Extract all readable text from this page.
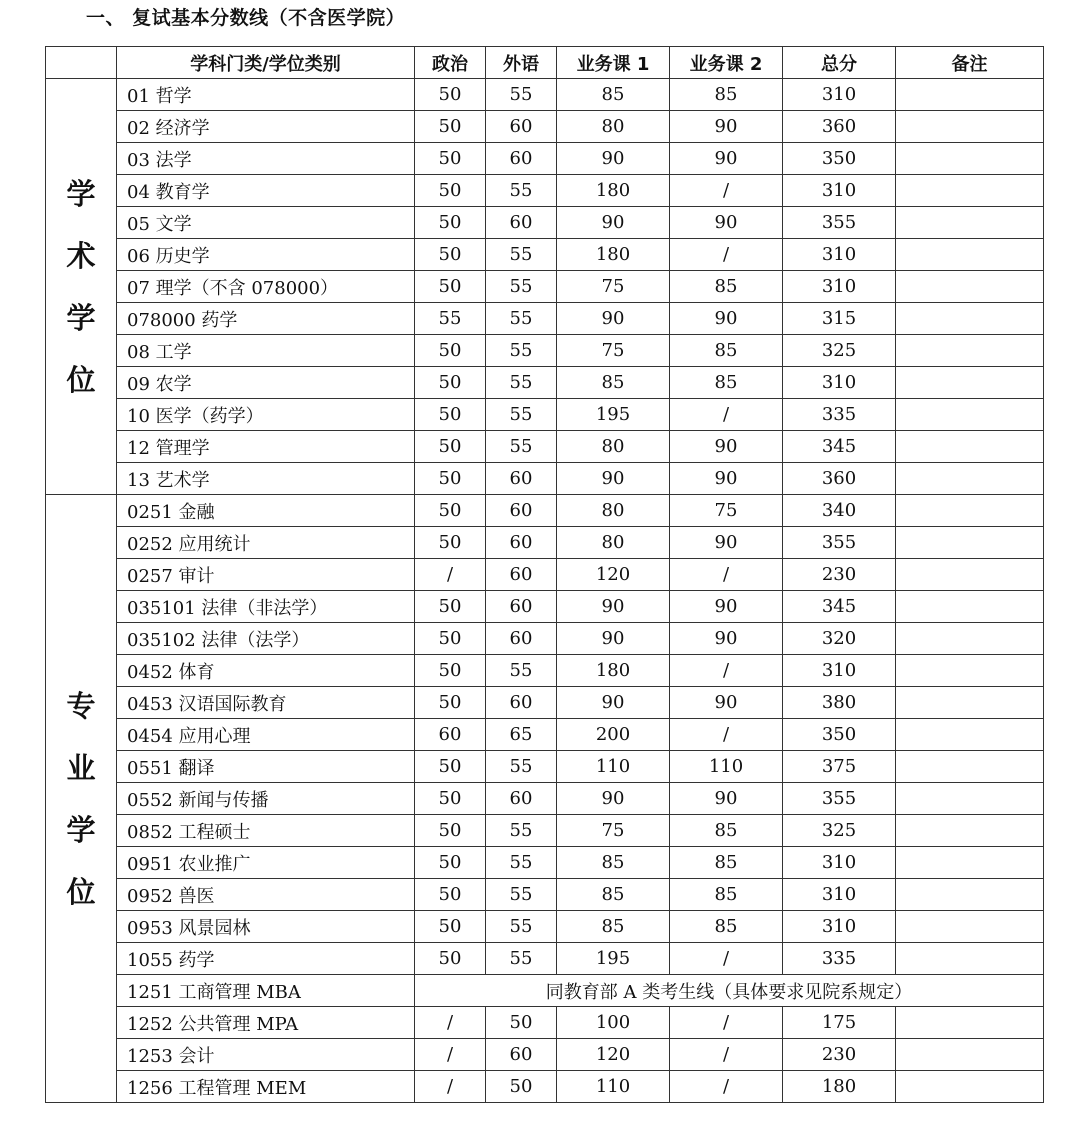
一、 复试基本分数线（不含医学院）
	学科门类/学位类别	政治	外语	业务课 1	业务课 2	总分	备注

学
术
学
位	01 哲学	50	55	85	85	310	
	02 经济学	50	60	80	90	360	
	03 法学	50	60	90	90	350	
	04 教育学	50	55	180	/	310	
	05 文学	50	60	90	90	355	
	06 历史学	50	55	180	/	310	
	07 理学（不含 078000）	50	55	75	85	310	
	078000 药学	55	55	90	90	315	
	08 工学	50	55	75	85	325	
	09 农学	50	55	85	85	310	
	10 医学（药学）	50	55	195	/	335	
	12 管理学	50	55	80	90	345	
	13 艺术学	50	60	90	90	360	

专
业
学
位	0251 金融	50	60	80	75	340	
	0252 应用统计	50	60	80	90	355	
	0257 审计	/	60	120	/	230	
	035101 法律（非法学）	50	60	90	90	345	
	035102 法律（法学）	50	60	90	90	320	
	0452 体育	50	55	180	/	310	
	0453 汉语国际教育	50	60	90	90	380	
	0454 应用心理	60	65	200	/	350	
	0551 翻译	50	55	110	110	375	
	0552 新闻与传播	50	60	90	90	355	
	0852 工程硕士	50	55	75	85	325	
	0951 农业推广	50	55	85	85	310	
	0952 兽医	50	55	85	85	310	
	0953 风景园林	50	55	85	85	310	
	1055 药学	50	55	195	/	335	
	1251 工商管理 MBA	同教育部 A 类考生线（具体要求见院系规定）					
	1252 公共管理 MPA	/	50	100	/	175	
	1253 会计	/	60	120	/	230	
	1256 工程管理 MEM	/	50	110	/	180	
